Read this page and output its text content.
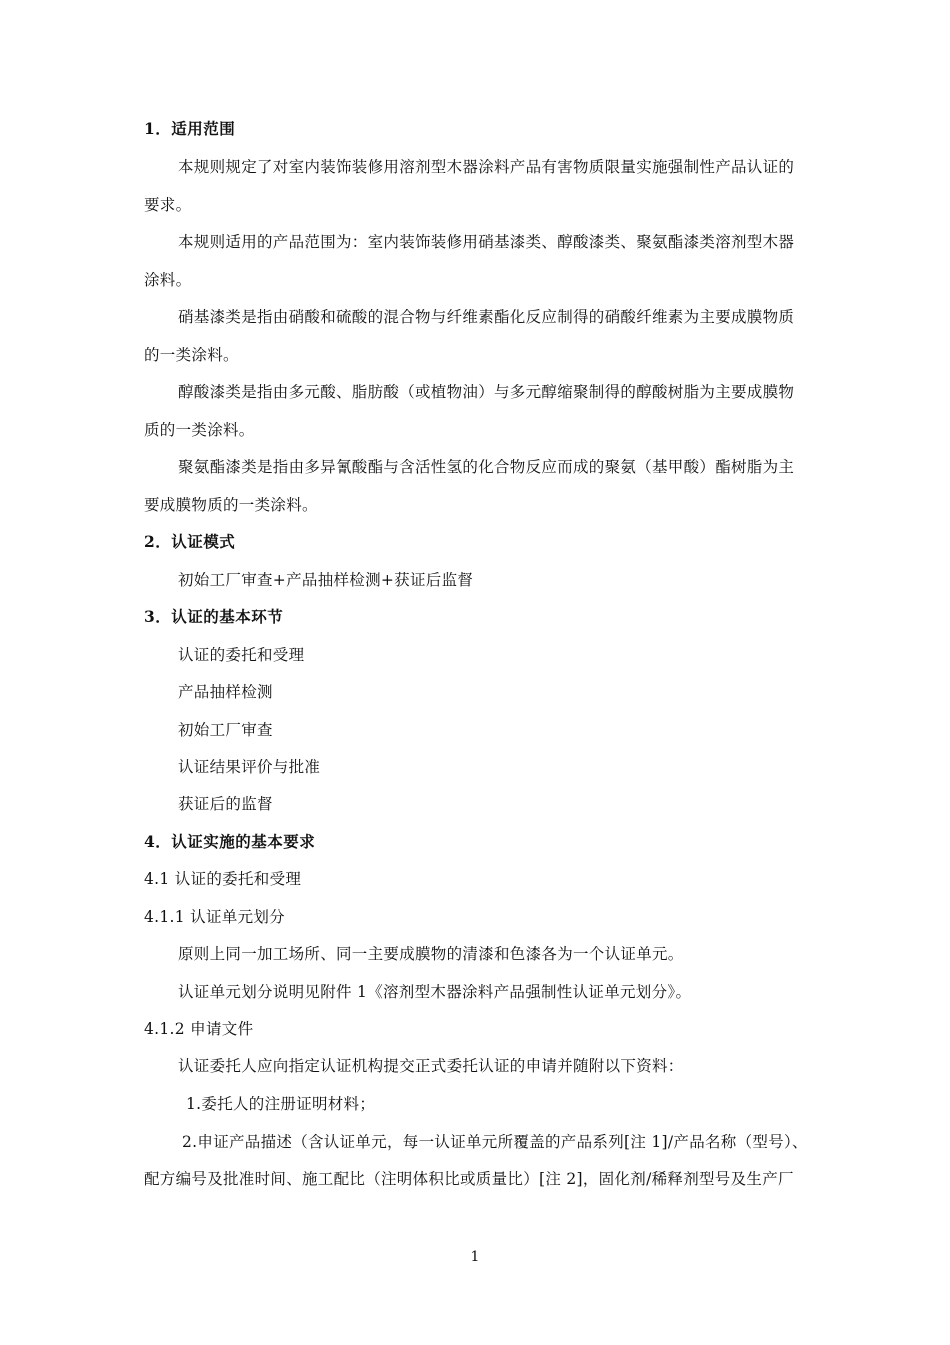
1．适用范围
本规则规定了对室内装饰装修用溶剂型木器涂料产品有害物质限量实施强制性产品认证的
要求。
本规则适用的产品范围为：室内装饰装修用硝基漆类、醇酸漆类、聚氨酯漆类溶剂型木器
涂料。
硝基漆类是指由硝酸和硫酸的混合物与纤维素酯化反应制得的硝酸纤维素为主要成膜物质
的一类涂料。
醇酸漆类是指由多元酸、脂肪酸（或植物油）与多元醇缩聚制得的醇酸树脂为主要成膜物
质的一类涂料。
聚氨酯漆类是指由多异氰酸酯与含活性氢的化合物反应而成的聚氨（基甲酸）酯树脂为主
要成膜物质的一类涂料。
2．认证模式
初始工厂审查+产品抽样检测+获证后监督
3．认证的基本环节
认证的委托和受理
产品抽样检测
初始工厂审查
认证结果评价与批准
获证后的监督
4．认证实施的基本要求
4.1 认证的委托和受理
4.1.1 认证单元划分
原则上同一加工场所、同一主要成膜物的清漆和色漆各为一个认证单元。
认证单元划分说明见附件 1《溶剂型木器涂料产品强制性认证单元划分》。
4.1.2 申请文件
认证委托人应向指定认证机构提交正式委托认证的申请并随附以下资料：
1.委托人的注册证明材料；
2.申证产品描述（含认证单元，每一认证单元所覆盖的产品系列[注 1]/产品名称（型号）、
配方编号及批准时间、施工配比（注明体积比或质量比）[注 2]，固化剂/稀释剂型号及生产厂
1
